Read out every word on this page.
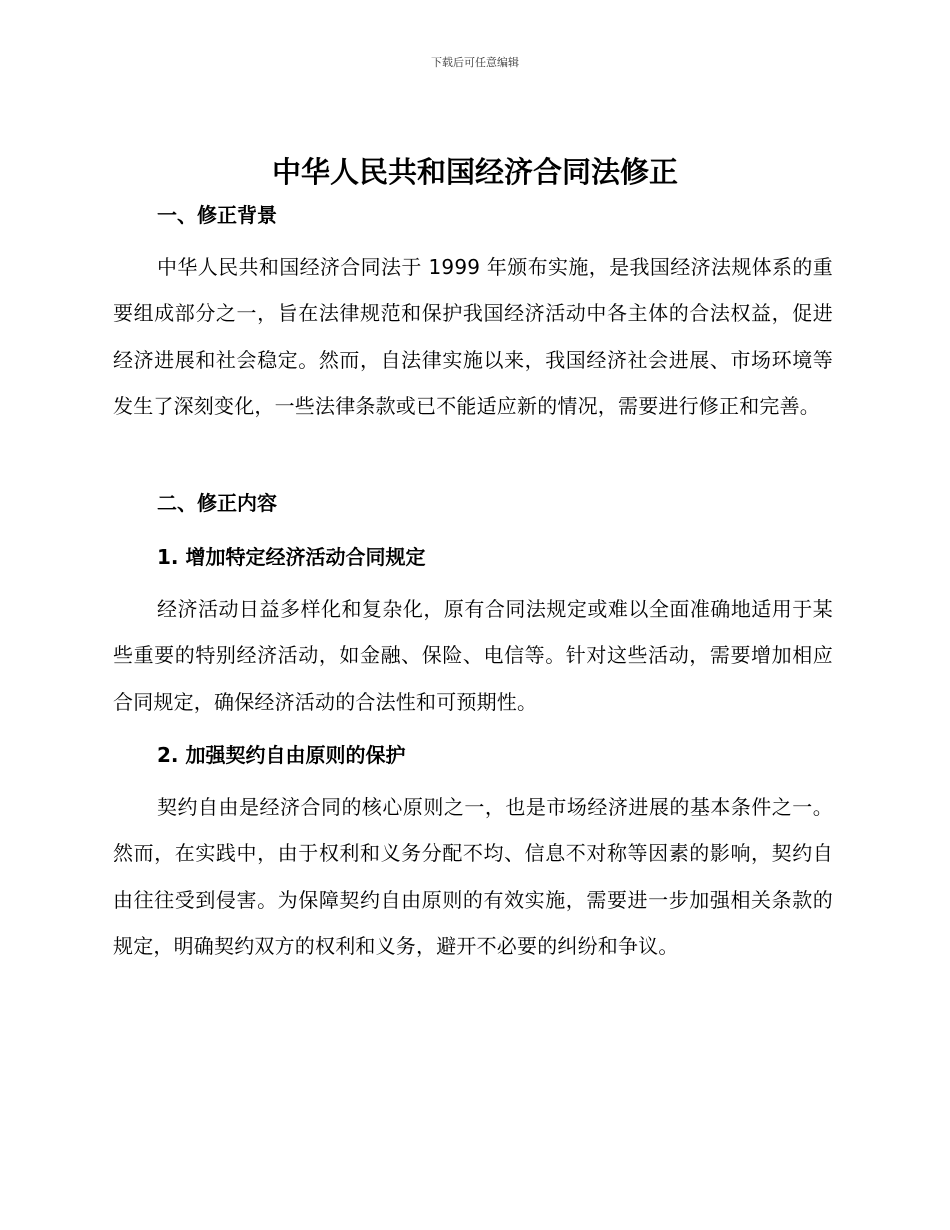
下载后可任意编辑
中华人民共和国经济合同法修正
一、修正背景
中华人民共和国经济合同法于 1999 年颁布实施，是我国经济法规体系的重要组成部分之一，旨在法律规范和保护我国经济活动中各主体的合法权益，促进经济进展和社会稳定。然而，自法律实施以来，我国经济社会进展、市场环境等发生了深刻变化，一些法律条款或已不能适应新的情况，需要进行修正和完善。
二、修正内容
1. 增加特定经济活动合同规定
经济活动日益多样化和复杂化，原有合同法规定或难以全面准确地适用于某些重要的特别经济活动，如金融、保险、电信等。针对这些活动，需要增加相应合同规定，确保经济活动的合法性和可预期性。
2. 加强契约自由原则的保护
契约自由是经济合同的核心原则之一，也是市场经济进展的基本条件之一。然而，在实践中，由于权利和义务分配不均、信息不对称等因素的影响，契约自由往往受到侵害。为保障契约自由原则的有效实施，需要进一步加强相关条款的规定，明确契约双方的权利和义务，避开不必要的纠纷和争议。
